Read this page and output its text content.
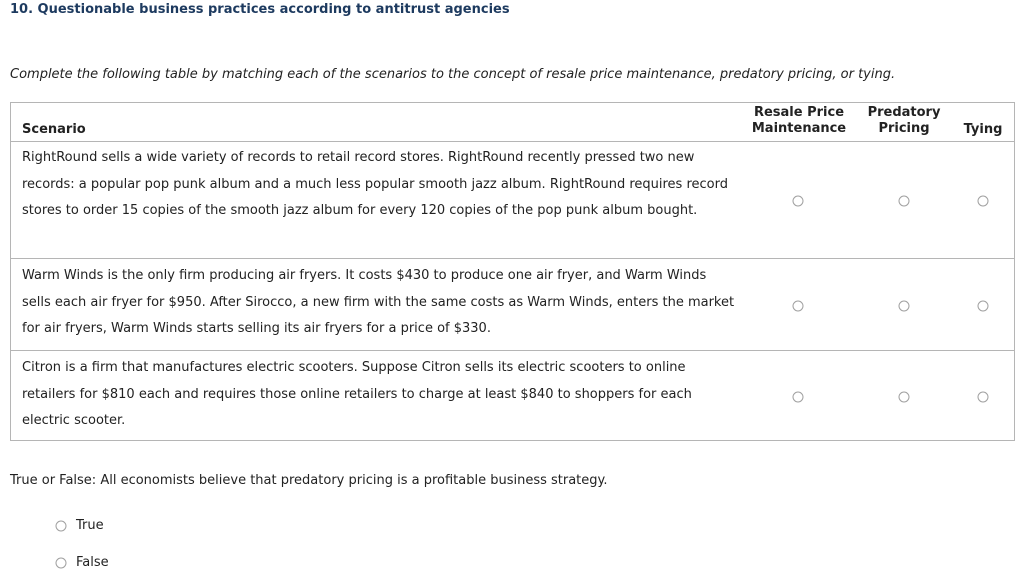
10. Questionable business practices according to antitrust agencies
Complete the following table by matching each of the scenarios to the concept of resale price maintenance, predatory pricing, or tying.
Scenario
Resale Price
Maintenance
Predatory
Pricing	Tying
RightRound sells a wide variety of records to retail record stores. RightRound recently pressed two new records: a popular pop punk album and a much less popular smooth jazz album. RightRound requires record stores to order 15 copies of the smooth jazz album for every 120 copies of the pop punk album bought.
Warm Winds is the only firm producing air fryers. It costs $430 to produce one air fryer, and Warm Winds sells each air fryer for $950. After Sirocco, a new firm with the same costs as Warm Winds, enters the market for air fryers, Warm Winds starts selling its air fryers for a price of $330.
Citron is a firm that manufactures electric scooters. Suppose Citron sells its electric scooters to online retailers for $810 each and requires those online retailers to charge at least $840 to shoppers for each electric scooter.
True or False: All economists believe that predatory pricing is a profitable business strategy.
True
False
